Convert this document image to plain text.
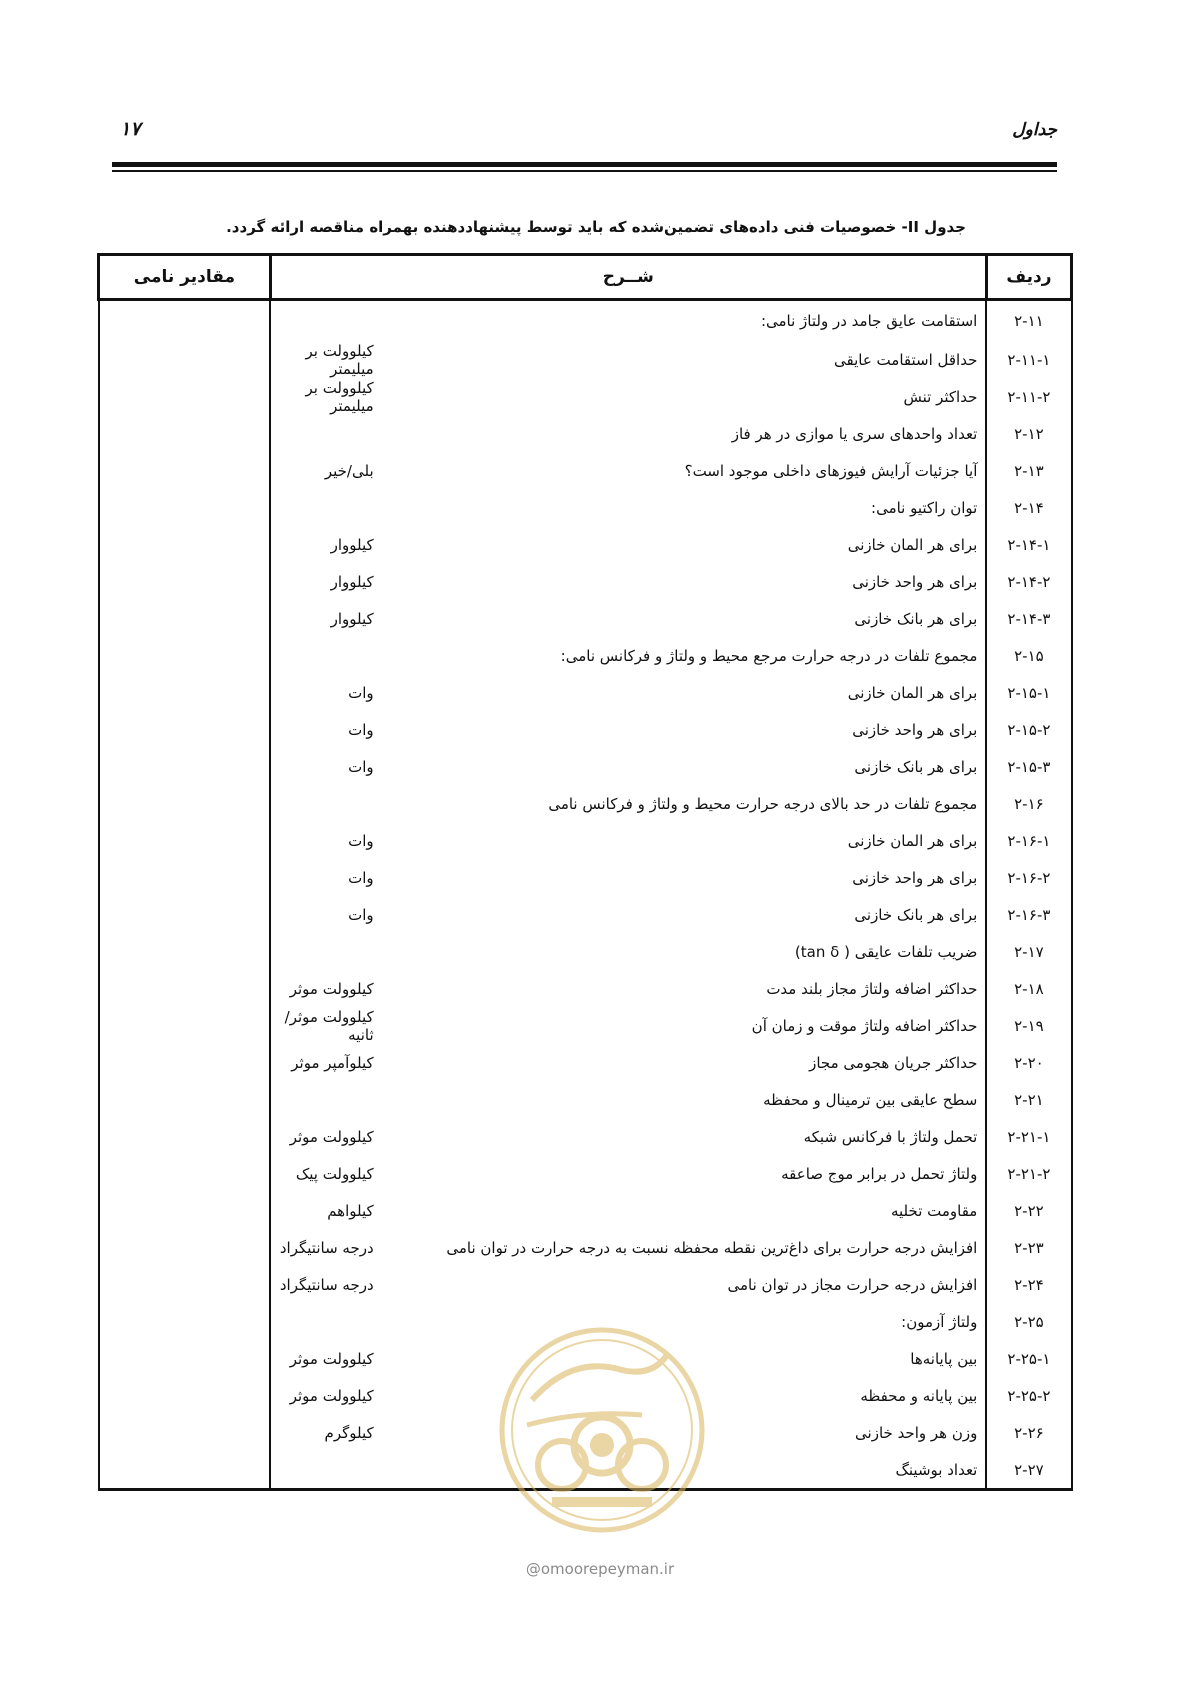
جداول
۱۷
جدول II- خصوصیات فنی داده‌های تضمین‌شده که باید توسط پیشنهاددهنده بهمراه مناقصه ارائه گردد.
ردیف	شــرح		مقادیر نامی
۲-۱۱	استقامت عایق جامد در ولتاژ نامی:		
۲-۱۱-۱	حداقل استقامت عایقی	کیلوولت بر میلیمتر	
۲-۱۱-۲	حداکثر تنش	کیلوولت بر میلیمتر	
۲-۱۲	تعداد واحدهای سری یا موازی در هر فاز		
۲-۱۳	آیا جزئیات آرایش فیوزهای داخلی موجود است؟	بلی/خیر	
۲-۱۴	توان راکتیو نامی:		
۲-۱۴-۱	برای هر المان خازنی	کیلووار	
۲-۱۴-۲	برای هر واحد خازنی	کیلووار	
۲-۱۴-۳	برای هر بانک خازنی	کیلووار	
۲-۱۵	مجموع تلفات در درجه حرارت مرجع محیط و ولتاژ و فرکانس نامی:		
۲-۱۵-۱	برای هر المان خازنی	وات	
۲-۱۵-۲	برای هر واحد خازنی	وات	
۲-۱۵-۳	برای هر بانک خازنی	وات	
۲-۱۶	مجموع تلفات در حد بالای درجه حرارت محیط و ولتاژ و فرکانس نامی		
۲-۱۶-۱	برای هر المان خازنی	وات	
۲-۱۶-۲	برای هر واحد خازنی	وات	
۲-۱۶-۳	برای هر بانک خازنی	وات	
۲-۱۷	ضریب تلفات عایقی ( tan δ)		
۲-۱۸	حداکثر اضافه ولتاژ مجاز بلند مدت	کیلوولت موثر	
۲-۱۹	حداکثر اضافه ولتاژ موقت و زمان آن	کیلوولت موثر/ثانیه	
۲-۲۰	حداکثر جریان هجومی مجاز	کیلوآمپر موثر	
۲-۲۱	سطح عایقی بین ترمینال و محفظه		
۲-۲۱-۱	تحمل ولتاژ با فرکانس شبکه	کیلوولت موثر	
۲-۲۱-۲	ولتاژ تحمل در برابر موج صاعقه	کیلوولت پیک	
۲-۲۲	مقاومت تخلیه	کیلواهم	
۲-۲۳	افزایش درجه حرارت برای داغ‌ترین نقطه محفظه نسبت به درجه حرارت در توان نامی	درجه سانتیگراد	
۲-۲۴	افزایش درجه حرارت مجاز در توان نامی	درجه سانتیگراد	
۲-۲۵	ولتاژ آزمون:		
۲-۲۵-۱	بین پایانه‌ها	کیلوولت موثر	
۲-۲۵-۲	بین پایانه و محفظه	کیلوولت موثر	
۲-۲۶	وزن هر واحد خازنی	کیلوگرم	
۲-۲۷	تعداد بوشینگ		
@omoorepeyman.ir
